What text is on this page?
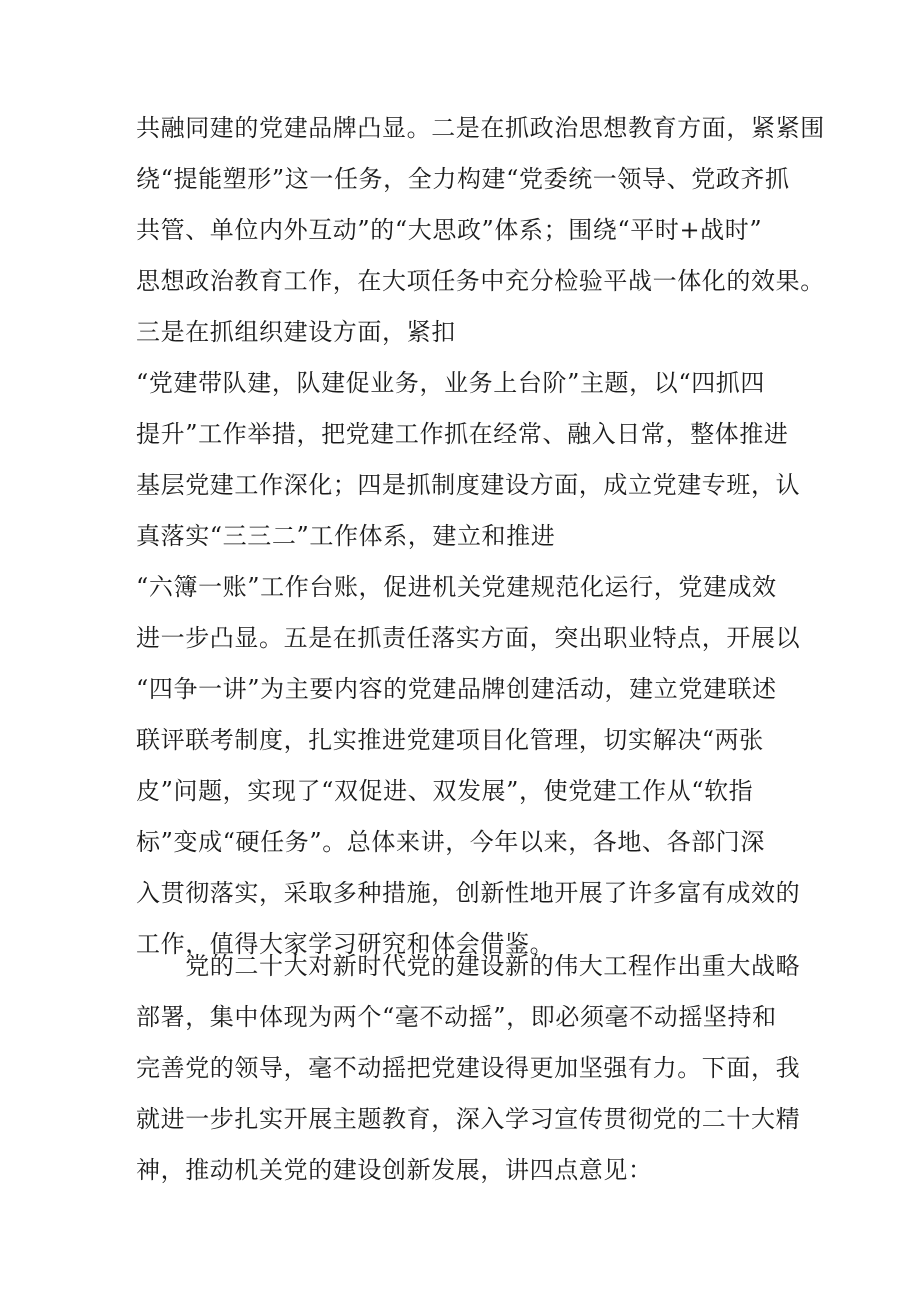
共融同建的党建品牌凸显。二是在抓政治思想教育方面，紧紧围
绕“提能塑形”这一任务，全力构建“党委统一领导、党政齐抓
共管、单位内外互动”的“大思政”体系；围绕“平时+战时”
思想政治教育工作，在大项任务中充分检验平战一体化的效果。
三是在抓组织建设方面，紧扣
“党建带队建，队建促业务，业务上台阶”主题，以“四抓四
提升”工作举措，把党建工作抓在经常、融入日常，整体推进
基层党建工作深化；四是抓制度建设方面，成立党建专班，认
真落实“三三二”工作体系，建立和推进
“六簿一账”工作台账，促进机关党建规范化运行，党建成效
进一步凸显。五是在抓责任落实方面，突出职业特点，开展以
“四争一讲”为主要内容的党建品牌创建活动，建立党建联述
联评联考制度，扎实推进党建项目化管理，切实解决“两张
皮”问题，实现了“双促进、双发展”，使党建工作从“软指
标”变成“硬任务”。总体来讲，今年以来，各地、各部门深
入贯彻落实，采取多种措施，创新性地开展了许多富有成效的
工作，值得大家学习研究和体会借鉴。
　　党的二十大对新时代党的建设新的伟大工程作出重大战略
部署，集中体现为两个“毫不动摇”，即必须毫不动摇坚持和
完善党的领导，毫不动摇把党建设得更加坚强有力。下面，我
就进一步扎实开展主题教育，深入学习宣传贯彻党的二十大精
神，推动机关党的建设创新发展，讲四点意见：
